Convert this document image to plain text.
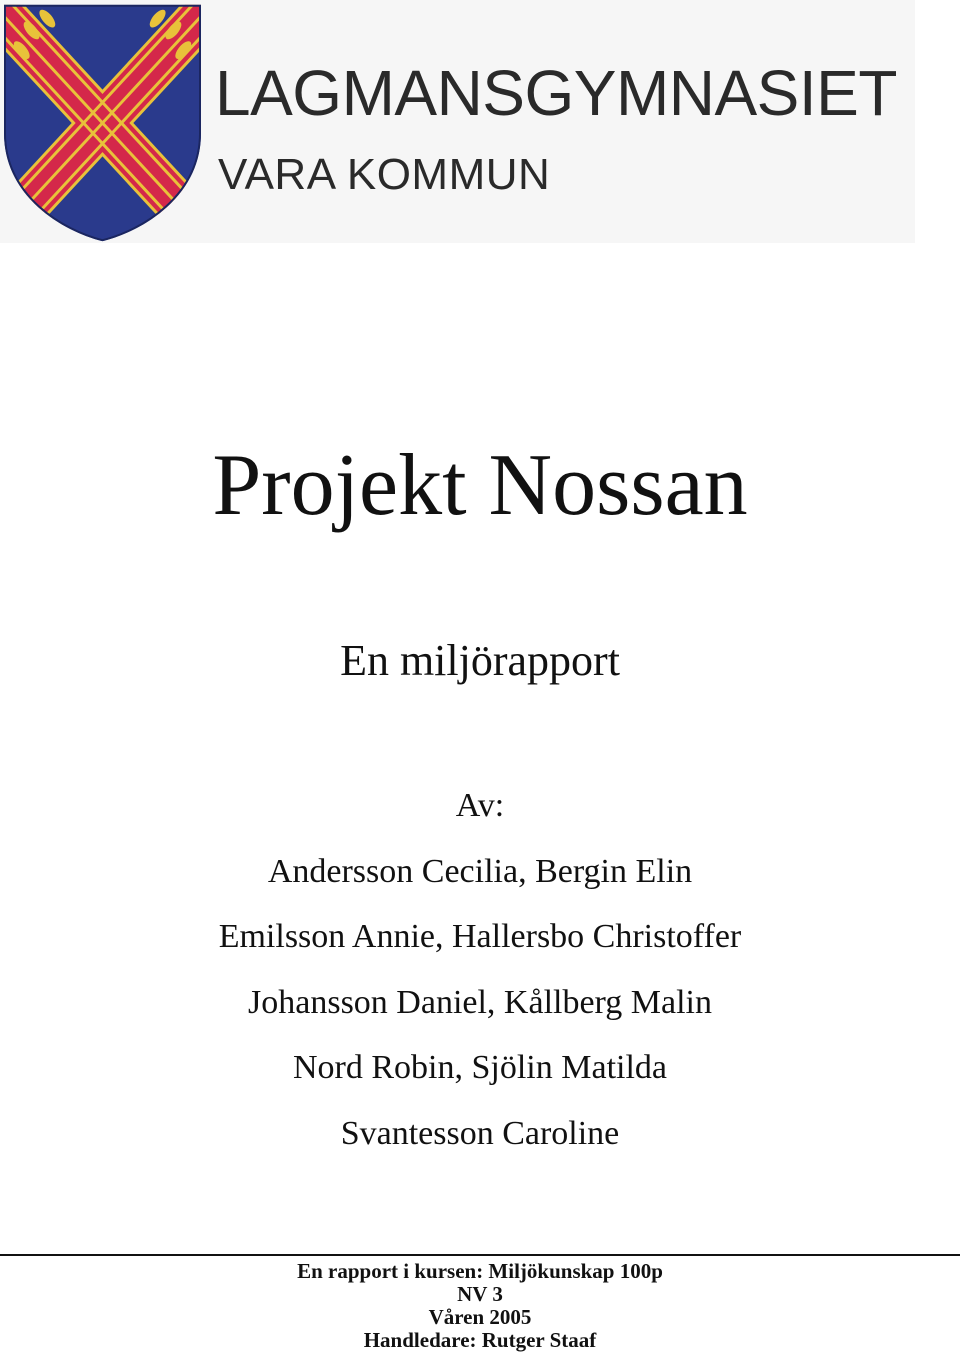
LAGMANSGYMNASIET
VARA KOMMUN
Projekt Nossan
En miljörapport
Av:
Andersson Cecilia, Bergin Elin
Emilsson Annie, Hallersbo Christoffer
Johansson Daniel, Kållberg Malin
Nord Robin, Sjölin Matilda
Svantesson Caroline
En rapport i kursen: Miljökunskap 100p
NV 3
Våren 2005
Handledare: Rutger Staaf
